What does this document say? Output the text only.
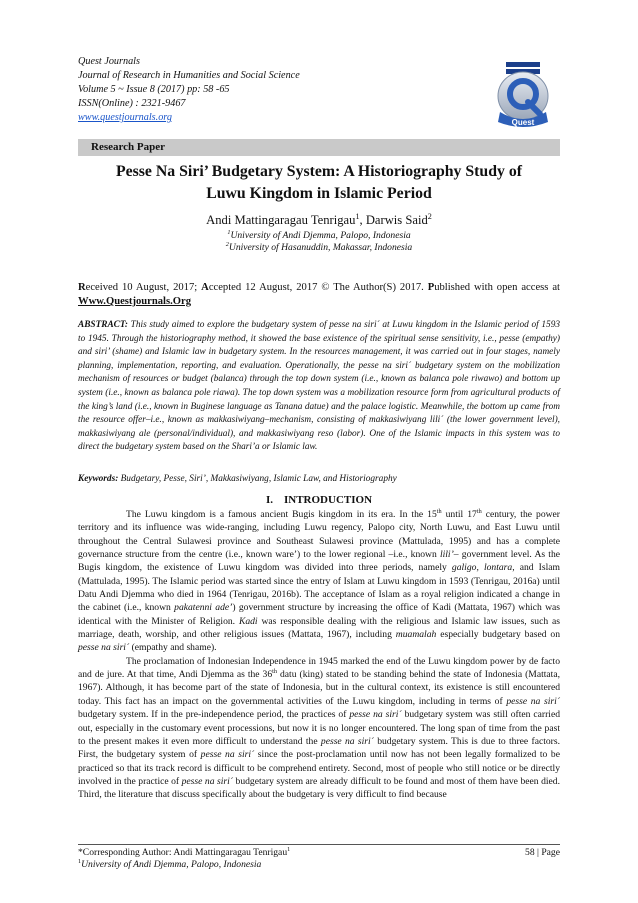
Quest Journals
Journal of Research in Humanities and Social Science
Volume 5 ~ Issue 8 (2017) pp: 58 -65
ISSN(Online) : 2321-9467
www.questjournals.org	Quest
Research Paper
Pesse Na Siri’ Budgetary System: A Historiography Study of
Luwu Kingdom in Islamic Period
Andi Mattingaragau Tenrigau$^1$, Darwis Said$^2$
$^1$University of Andi Djemma, Palopo, Indonesia
$^2$University of Hasanuddin, Makassar, Indonesia
Received 10 August, 2017; Accepted 12 August, 2017 © The Author(S) 2017. Published with open access at Www.Questjournals.Org
ABSTRACT: This study aimed to explore the budgetary system of pesse na siri´ at Luwu kingdom in the Islamic period of 1593 to 1945. Through the historiography method, it showed the base existence of the spiritual sense sensitivity, i.e., pesse (empathy) and siri’ (shame) and Islamic law in budgetary system. In the resources management, it was carried out in four stages, namely planning, implementation, reporting, and evaluation. Operationally, the pesse na siri´ budgetary system on the mobilization mechanism of resources or budget (balanca) through the top down system (i.e., known as balanca pole riwawo) and bottom up system (i.e., known as balanca pole riawa). The top down system was a mobilization resource form from agricultural products of the king’s land (i.e., known in Buginese language as Tanana datue) and the palace logistic. Meanwhile, the bottom up came from the resource offer–i.e., known as makkasiwiyang–mechanism, consisting of makkasiwiyang lili´ (the lower government level), makkasiwiyang ale (personal/individual), and makkasiwiyang reso (labor). One of the Islamic impacts in this system was to direct the budgetary system based on the Shari’a or Islamic law.
Keywords: Budgetary, Pesse, Siri’, Makkasiwiyang, Islamic Law, and Historiography
I. INTRODUCTION

The Luwu kingdom is a famous ancient Bugis kingdom in its era. In the 15th until 17th century, the power territory and its influence was wide-ranging, including Luwu regency, Palopo city, North Luwu, and East Luwu until throughout the Central Sulawesi province and Southeast Sulawesi province (Mattulada, 1995) and has a complete governance structure from the centre (i.e., known ware’) to the lower regional –i.e., known lili’– government level. As the Bugis kingdom, the existence of Luwu kingdom was divided into three periods, namely galigo, lontara, and Islam (Mattulada, 1995). The Islamic period was started since the entry of Islam at Luwu kingdom in 1593 (Tenrigau, 2016a) until Datu Andi Djemma who died in 1964 (Tenrigau, 2016b). The acceptance of Islam as a royal religion indicated a change in the cabinet (i.e., known pakatenni ade’) government structure by increasing the office of Kadi (Mattata, 1967) which was identical with the Minister of Religion. Kadi was responsible dealing with the religious and Islamic law issues, such as marriage, death, worship, and other religious issues (Mattata, 1967), including muamalah especially budgetary based on pesse na siri´ (empathy and shame).

The proclamation of Indonesian Independence in 1945 marked the end of the Luwu kingdom power by de facto and de jure. At that time, Andi Djemma as the 36th datu (king) stated to be standing behind the state of Indonesia (Mattata, 1967). Although, it has become part of the state of Indonesia, but in the cultural context, its existence is still encountered today. This fact has an impact on the governmental activities of the Luwu kingdom, including in terms of pesse na siri´ budgetary system. If in the pre-independence period, the practices of pesse na siri´ budgetary system was still often carried out, especially in the customary event processions, but now it is no longer encountered. The long span of time from the past to the present makes it even more difficult to understand the pesse na siri´ budgetary system. This is due to three factors. First, the budgetary system of pesse na siri´ since the post-proclamation until now has not been legally formalized to be practiced so that its track record is difficult to be comprehend entirety. Second, most of people who still notice or be directly involved in the practice of pesse na siri´ budgetary system are already difficult to be found and most of them have been died. Third, the literature that discuss specifically about the budgetary is very difficult to find because

*Corresponding Author: Andi Mattingaragau Tenrigau$^1$	58 | Page
$^1$University of Andi Djemma, Palopo, Indonesia
